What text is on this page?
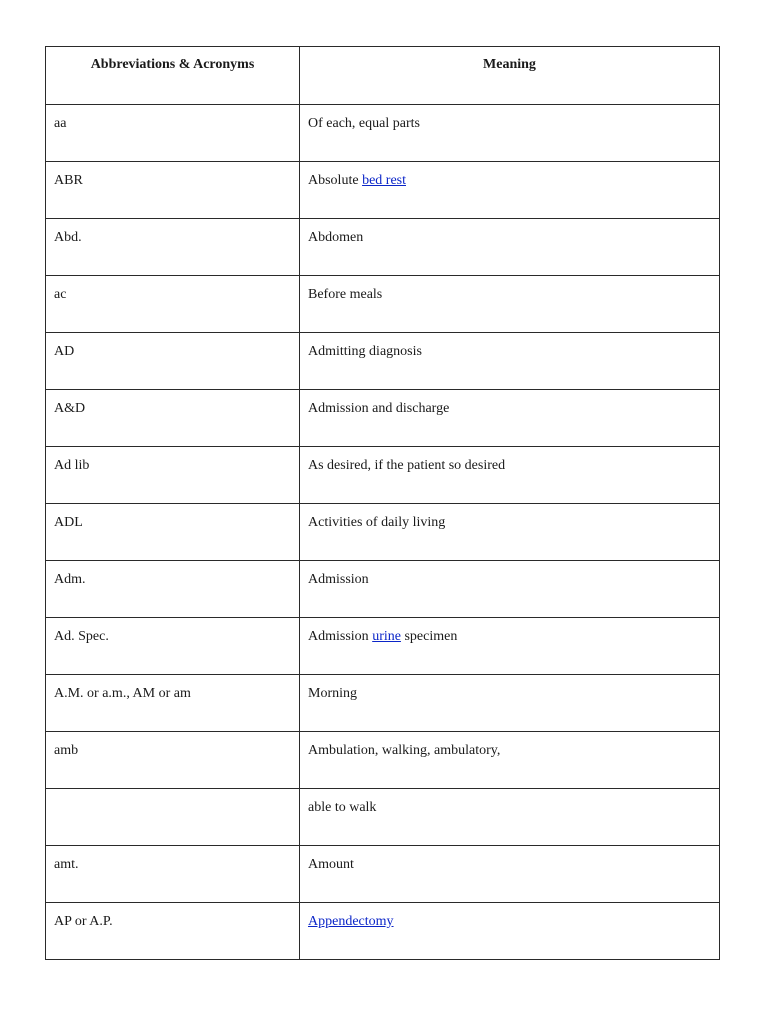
Abbreviations & Acronyms	Meaning

aa	Of each, equal parts

ABR	Absolute bed rest

Abd.	Abdomen

ac	Before meals

AD	Admitting diagnosis

A&D	Admission and discharge

Ad lib	As desired, if the patient so desired

ADL	Activities of daily living

Adm.	Admission

Ad. Spec.	Admission urine specimen

A.M. or a.m., AM or am	Morning

amb	Ambulation, walking, ambulatory,

	able to walk

amt.	Amount

AP or A.P.	Appendectomy
